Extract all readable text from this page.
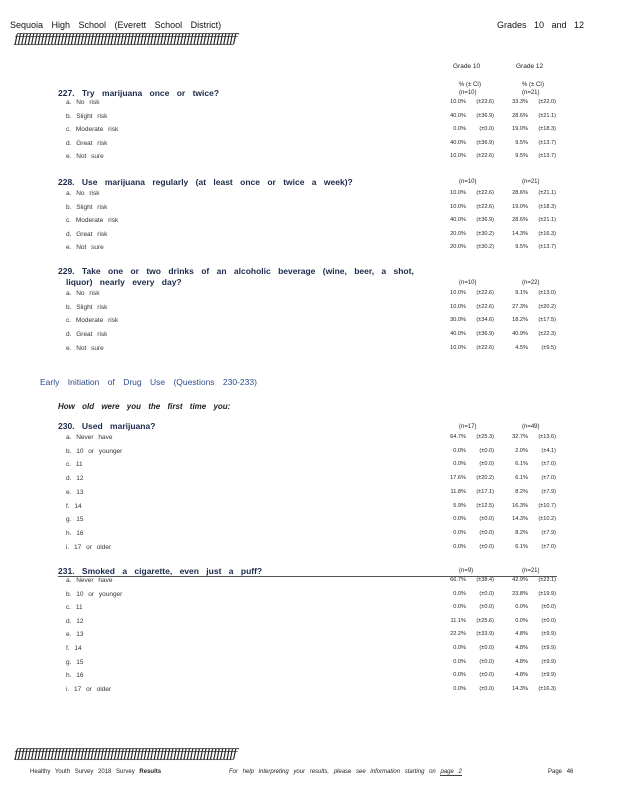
Sequoia High School (Everett School District)	Grades 10 and 12
ƒƒƒƒƒƒƒƒƒƒƒƒƒƒƒƒƒƒƒƒƒƒƒƒƒƒƒƒƒƒƒƒƒƒƒƒƒƒƒƒƒƒƒƒƒƒƒƒƒƒƒƒƒƒƒƒƒƒƒƒƒƒƒƒƒƒƒ
Grade 10	Grade 12
% (± CI)	% (± CI)
Early Initiation of Drug Use (Questions 230-233)
How old were you the first time you:
227. Try marijuana once or twice?	(n=10)	(n=21)
a. No risk	10.0%	(±22.6)	33.3%	(±22.0)
b. Slight risk	40.0%	(±36.9)	28.6%	(±21.1)
c. Moderate risk	0.0%	(±0.0)	19.0%	(±18.3)
d. Great risk	40.0%	(±36.9)	9.5%	(±13.7)
e. Not sure	10.0%	(±22.6)	9.5%	(±13.7)
228. Use marijuana regularly (at least once or twice a week)?	(n=10)	(n=21)
a. No risk	10.0%	(±22.6)	28.6%	(±21.1)
b. Slight risk	10.0%	(±22.6)	19.0%	(±18.3)
c. Moderate risk	40.0%	(±36.9)	28.6%	(±21.1)
d. Great risk	20.0%	(±30.2)	14.3%	(±16.3)
e. Not sure	20.0%	(±30.2)	9.5%	(±13.7)
229. Take one or two drinks of an alcoholic beverage (wine, beer, a shot,
liquor) nearly every day?	(n=10)	(n=22)
a. No risk	10.0%	(±22.6)	9.1%	(±13.0)
b. Slight risk	10.0%	(±22.6)	27.3%	(±20.2)
c. Moderate risk	30.0%	(±34.6)	18.2%	(±17.5)
d. Great risk	40.0%	(±36.9)	40.9%	(±22.3)
e. Not sure	10.0%	(±22.6)	4.5%	(±9.5)
230. Used marijuana?	(n=17)	(n=49)
a. Never have	64.7%	(±25.3)	32.7%	(±13.6)
b. 10 or younger	0.0%	(±0.0)	2.0%	(±4.1)
c. 11	0.0%	(±0.0)	6.1%	(±7.0)
d. 12	17.6%	(±20.2)	6.1%	(±7.0)
e. 13	11.8%	(±17.1)	8.2%	(±7.9)
f. 14	5.9%	(±12.5)	16.3%	(±10.7)
g. 15	0.0%	(±0.0)	14.3%	(±10.2)
h. 16	0.0%	(±0.0)	8.2%	(±7.9)
i. 17 or older	0.0%	(±0.0)	6.1%	(±7.0)
231. Smoked a cigarette, even just a puff?	(n=9)	(n=21)
a. Never have	66.7%	(±38.4)	42.9%	(±23.1)
b. 10 or younger	0.0%	(±0.0)	23.8%	(±19.9)
c. 11	0.0%	(±0.0)	0.0%	(±0.0)
d. 12	11.1%	(±25.6)	0.0%	(±0.0)
e. 13	22.2%	(±33.9)	4.8%	(±9.9)
f. 14	0.0%	(±0.0)	4.8%	(±9.9)
g. 15	0.0%	(±0.0)	4.8%	(±9.9)
h. 16	0.0%	(±0.0)	4.8%	(±9.9)
i. 17 or older	0.0%	(±0.0)	14.3%	(±16.3)
ƒƒƒƒƒƒƒƒƒƒƒƒƒƒƒƒƒƒƒƒƒƒƒƒƒƒƒƒƒƒƒƒƒƒƒƒƒƒƒƒƒƒƒƒƒƒƒƒƒƒƒƒƒƒƒƒƒƒƒƒƒƒƒƒƒƒƒ
Healthy Youth Survey 2018 Survey Results	For help interpreting your results, please see information starting on page 2	Page 46
